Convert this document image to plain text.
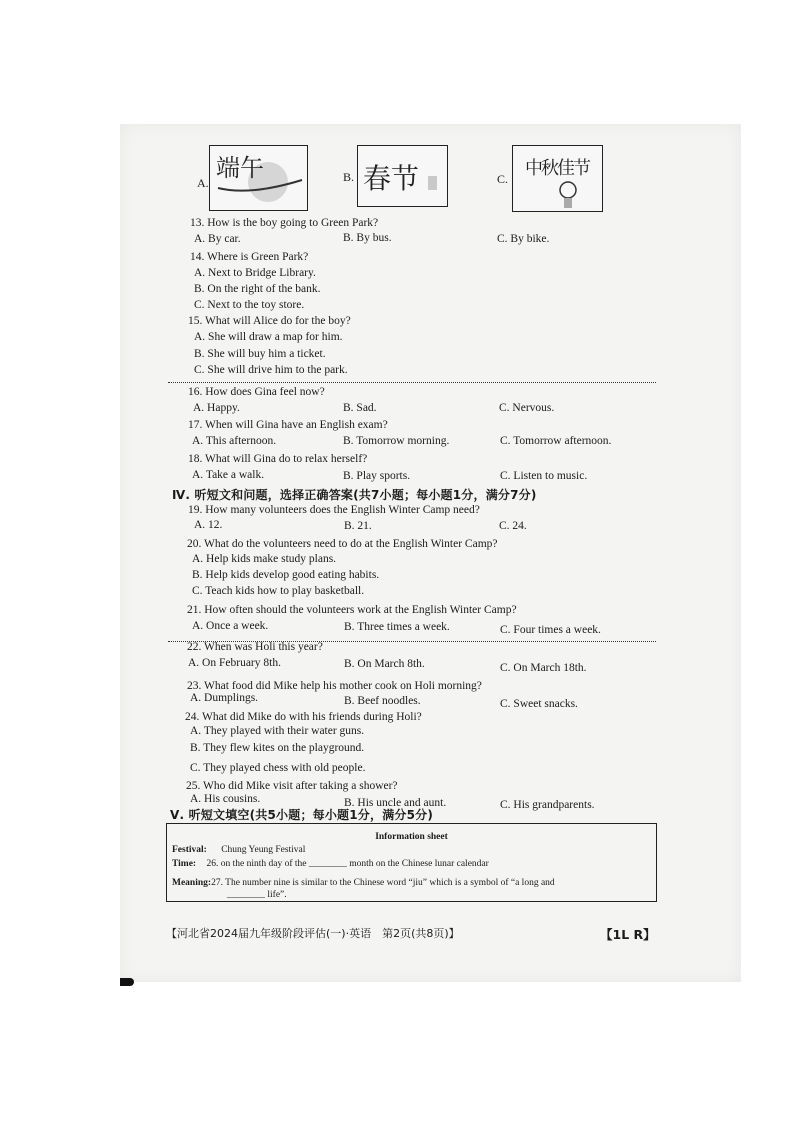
A.
端午	B. 春节	C. 中秋佳节
13. How is the boy going to Green Park?
A. By car.	B. By bus.	C. By bike.
14. Where is Green Park?
A. Next to Bridge Library.
B. On the right of the bank.
C. Next to the toy store.
15. What will Alice do for the boy?
A. She will draw a map for him.
B. She will buy him a ticket.
C. She will drive him to the park.
16. How does Gina feel now?
A. Happy.	B. Sad.	C. Nervous.
17. When will Gina have an English exam?
A. This afternoon.	B. Tomorrow morning.	C. Tomorrow afternoon.
18. What will Gina do to relax herself?
A. Take a walk.	B. Play sports.	C. Listen to music.
19. How many volunteers does the English Winter Camp need?
A. 12.	B. 21.	C. 24.
20. What do the volunteers need to do at the English Winter Camp?
A. Help kids make study plans.
B. Help kids develop good eating habits.
C. Teach kids how to play basketball.
21. How often should the volunteers work at the English Winter Camp?
A. Once a week.	B. Three times a week.	C. Four times a week.
22. When was Holi this year?
A. On February 8th.	B. On March 8th.	C. On March 18th.
23. What food did Mike help his mother cook on Holi morning?
A. Dumplings.	B. Beef noodles.	C. Sweet snacks.
24. What did Mike do with his friends during Holi?
A. They played with their water guns.
B. They flew kites on the playground.
C. They played chess with old people.
25. Who did Mike visit after taking a shower?
A. His cousins.	B. His uncle and aunt.	C. His grandparents.
Ⅳ. 听短文和问题，选择正确答案(共7小题；每小题1分，满分7分)
Ⅴ. 听短文填空(共5小题；每小题1分，满分5分)
Information sheet
Festival: Chung Yeung Festival
Time: 26. on the ninth day of the ________ month on the Chinese lunar calendar
Meaning:27. The number nine is similar to the Chinese word “jiu” which is a symbol of “a long and
________ life”.
【河北省2024届九年级阶段评估(一)·英语　第2页(共8页)】	【1L R】
